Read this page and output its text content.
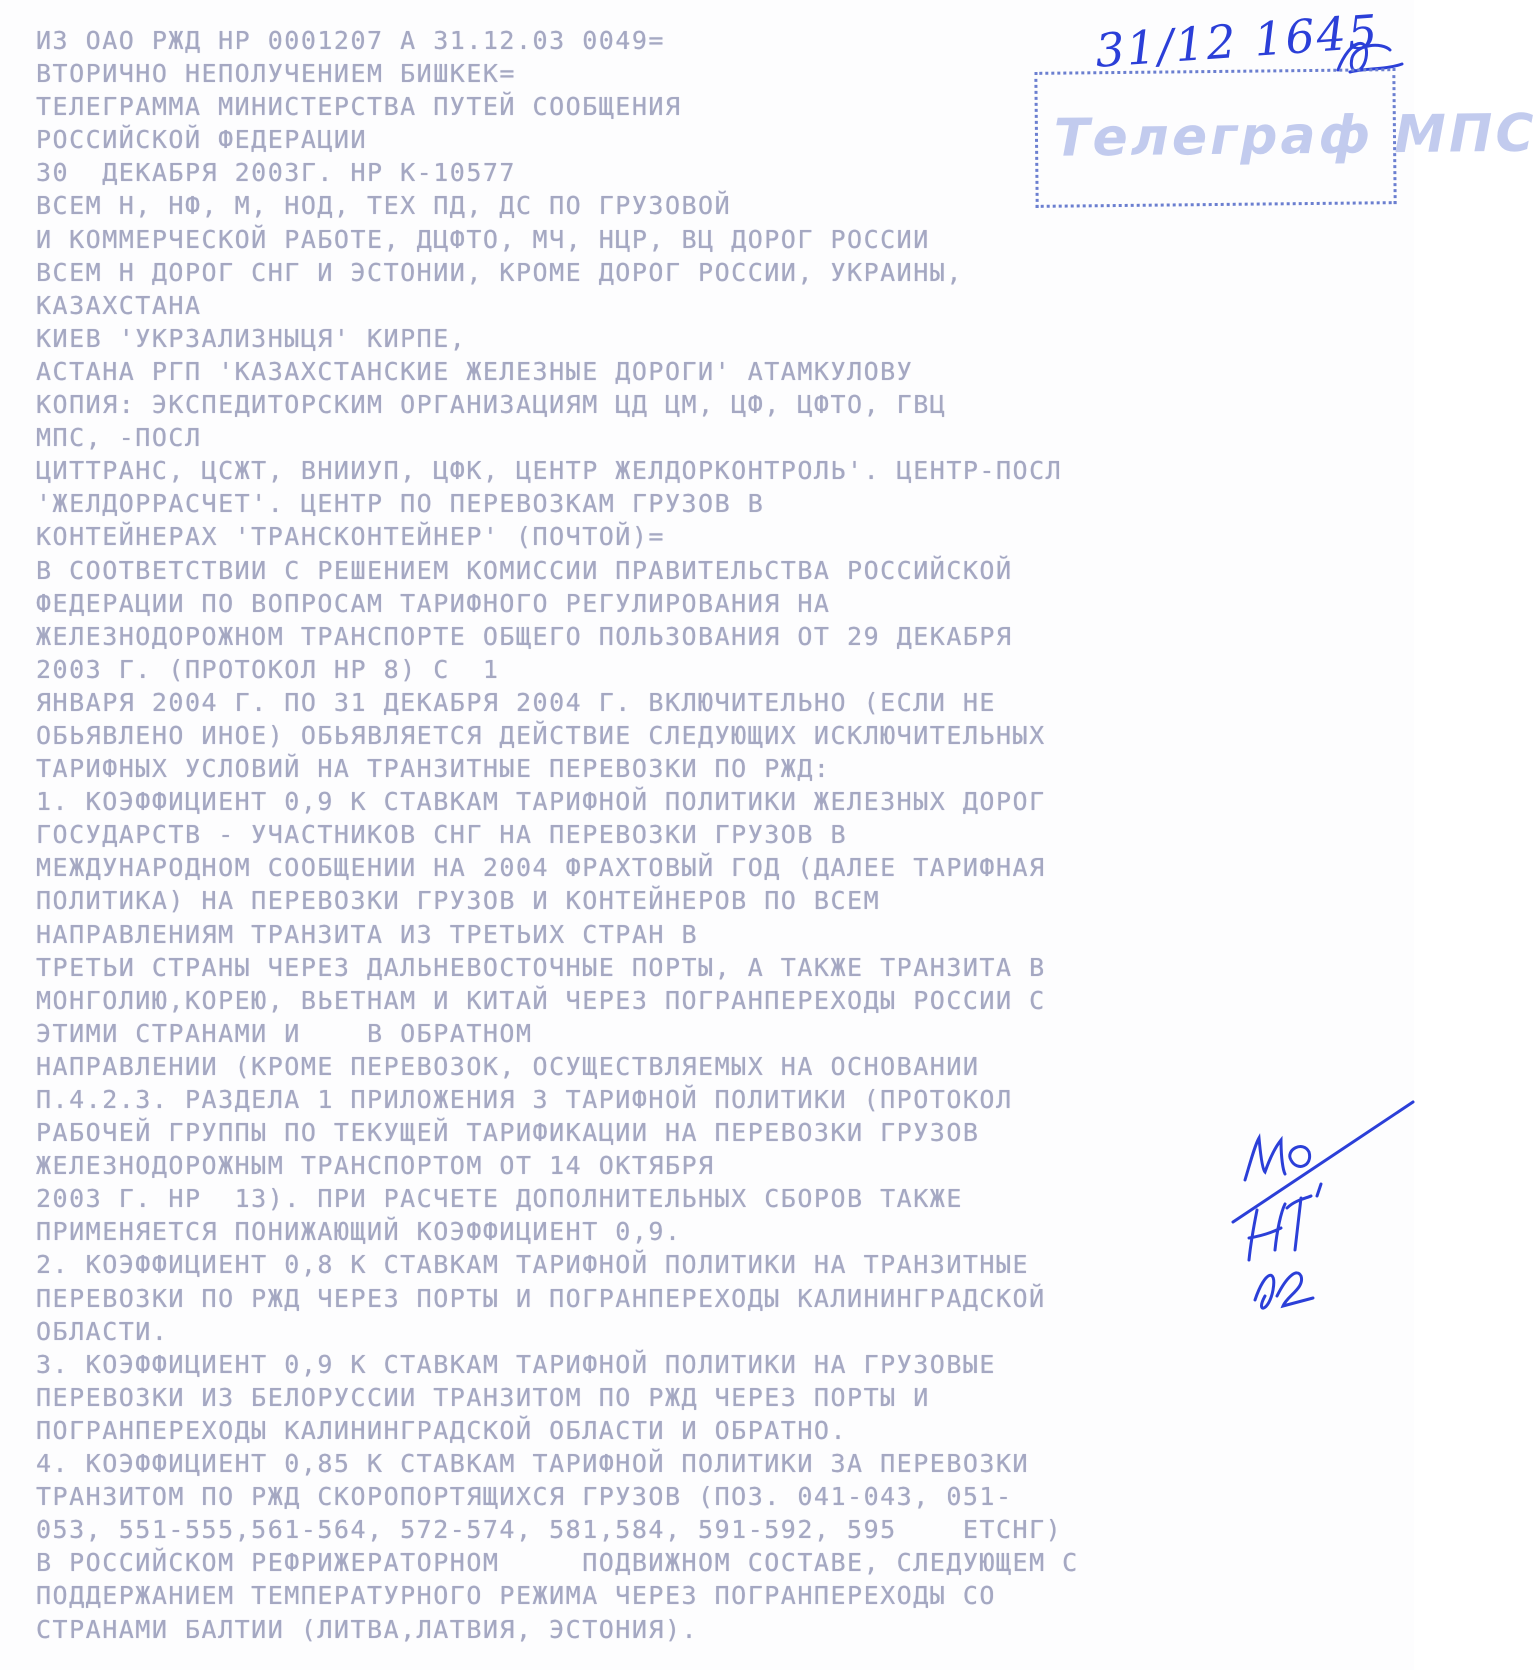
31/12 1645
Телеграф МПС
ИЗ ОАО РЖД НР 0001207 А 31.12.03 0049=
ВТОРИЧНО НЕПОЛУЧЕНИЕМ БИШКЕК=
ТЕЛЕГРАММА МИНИСТЕРСТВА ПУТЕЙ СООБЩЕНИЯ
РОССИЙСКОЙ ФЕДЕРАЦИИ
30  ДЕКАБРЯ 2003Г. НР К-10577
ВСЕМ Н, НФ, М, НОД, ТЕХ ПД, ДС ПО ГРУЗОВОЙ
И КОММЕРЧЕСКОЙ РАБОТЕ, ДЦФТО, МЧ, НЦР, ВЦ ДОРОГ РОССИИ
ВСЕМ Н ДОРОГ СНГ И ЭСТОНИИ, КРОМЕ ДОРОГ РОССИИ, УКРАИНЫ,
КАЗАХСТАНА
КИЕВ 'УКРЗАЛИЗНЫЦЯ' КИРПЕ,
АСТАНА РГП 'КАЗАХСТАНСКИЕ ЖЕЛЕЗНЫЕ ДОРОГИ' АТАМКУЛОВУ
КОПИЯ: ЭКСПЕДИТОРСКИМ ОРГАНИЗАЦИЯМ ЦД ЦМ, ЦФ, ЦФТО, ГВЦ
МПС, -ПОСЛ
ЦИТТРАНС, ЦСЖТ, ВНИИУП, ЦФК, ЦЕНТР ЖЕЛДОРКОНТРОЛЬ'. ЦЕНТР-ПОСЛ
'ЖЕЛДОРРАСЧЕТ'. ЦЕНТР ПО ПЕРЕВОЗКАМ ГРУЗОВ В
КОНТЕЙНЕРАХ 'ТРАНСКОНТЕЙНЕР' (ПОЧТОЙ)=
В СООТВЕТСТВИИ С РЕШЕНИЕМ КОМИССИИ ПРАВИТЕЛЬСТВА РОССИЙСКОЙ
ФЕДЕРАЦИИ ПО ВОПРОСАМ ТАРИФНОГО РЕГУЛИРОВАНИЯ НА
ЖЕЛЕЗНОДОРОЖНОМ ТРАНСПОРТЕ ОБЩЕГО ПОЛЬЗОВАНИЯ ОТ 29 ДЕКАБРЯ
2003 Г. (ПРОТОКОЛ НР 8) С  1
ЯНВАРЯ 2004 Г. ПО 31 ДЕКАБРЯ 2004 Г. ВКЛЮЧИТЕЛЬНО (ЕСЛИ НЕ
ОБЬЯВЛЕНО ИНОЕ) ОБЬЯВЛЯЕТСЯ ДЕЙСТВИЕ СЛЕДУЮЩИХ ИСКЛЮЧИТЕЛЬНЫХ
ТАРИФНЫХ УСЛОВИЙ НА ТРАНЗИТНЫЕ ПЕРЕВОЗКИ ПО РЖД:
1. КОЭФФИЦИЕНТ 0,9 К СТАВКАМ ТАРИФНОЙ ПОЛИТИКИ ЖЕЛЕЗНЫХ ДОРОГ
ГОСУДАРСТВ - УЧАСТНИКОВ СНГ НА ПЕРЕВОЗКИ ГРУЗОВ В
МЕЖДУНАРОДНОМ СООБЩЕНИИ НА 2004 ФРАХТОВЫЙ ГОД (ДАЛЕЕ ТАРИФНАЯ
ПОЛИТИКА) НА ПЕРЕВОЗКИ ГРУЗОВ И КОНТЕЙНЕРОВ ПО ВСЕМ
НАПРАВЛЕНИЯМ ТРАНЗИТА ИЗ ТРЕТЬИХ СТРАН В
ТРЕТЬИ СТРАНЫ ЧЕРЕЗ ДАЛЬНЕВОСТОЧНЫЕ ПОРТЫ, А ТАКЖЕ ТРАНЗИТА В
МОНГОЛИЮ,КОРЕЮ, ВЬЕТНАМ И КИТАЙ ЧЕРЕЗ ПОГРАНПЕРЕХОДЫ РОССИИ С
ЭТИМИ СТРАНАМИ И    В ОБРАТНОМ
НАПРАВЛЕНИИ (КРОМЕ ПЕРЕВОЗОК, ОСУЩЕСТВЛЯЕМЫХ НА ОСНОВАНИИ
П.4.2.3. РАЗДЕЛА 1 ПРИЛОЖЕНИЯ 3 ТАРИФНОЙ ПОЛИТИКИ (ПРОТОКОЛ
РАБОЧЕЙ ГРУППЫ ПО ТЕКУЩЕЙ ТАРИФИКАЦИИ НА ПЕРЕВОЗКИ ГРУЗОВ
ЖЕЛЕЗНОДОРОЖНЫМ ТРАНСПОРТОМ ОТ 14 ОКТЯБРЯ
2003 Г. НР  13). ПРИ РАСЧЕТЕ ДОПОЛНИТЕЛЬНЫХ СБОРОВ ТАКЖЕ
ПРИМЕНЯЕТСЯ ПОНИЖАЮЩИЙ КОЭФФИЦИЕНТ 0,9.
2. КОЭФФИЦИЕНТ 0,8 К СТАВКАМ ТАРИФНОЙ ПОЛИТИКИ НА ТРАНЗИТНЫЕ
ПЕРЕВОЗКИ ПО РЖД ЧЕРЕЗ ПОРТЫ И ПОГРАНПЕРЕХОДЫ КАЛИНИНГРАДСКОЙ
ОБЛАСТИ.
3. КОЭФФИЦИЕНТ 0,9 К СТАВКАМ ТАРИФНОЙ ПОЛИТИКИ НА ГРУЗОВЫЕ
ПЕРЕВОЗКИ ИЗ БЕЛОРУССИИ ТРАНЗИТОМ ПО РЖД ЧЕРЕЗ ПОРТЫ И
ПОГРАНПЕРЕХОДЫ КАЛИНИНГРАДСКОЙ ОБЛАСТИ И ОБРАТНО.
4. КОЭФФИЦИЕНТ 0,85 К СТАВКАМ ТАРИФНОЙ ПОЛИТИКИ ЗА ПЕРЕВОЗКИ
ТРАНЗИТОМ ПО РЖД СКОРОПОРТЯЩИХСЯ ГРУЗОВ (ПОЗ. 041-043, 051-
053, 551-555,561-564, 572-574, 581,584, 591-592, 595    ЕТСНГ)
В РОССИЙСКОМ РЕФРИЖЕРАТОРНОМ     ПОДВИЖНОМ СОСТАВЕ, СЛЕДУЮЩЕМ С
ПОДДЕРЖАНИЕМ ТЕМПЕРАТУРНОГО РЕЖИМА ЧЕРЕЗ ПОГРАНПЕРЕХОДЫ СО
СТРАНАМИ БАЛТИИ (ЛИТВА,ЛАТВИЯ, ЭСТОНИЯ).
